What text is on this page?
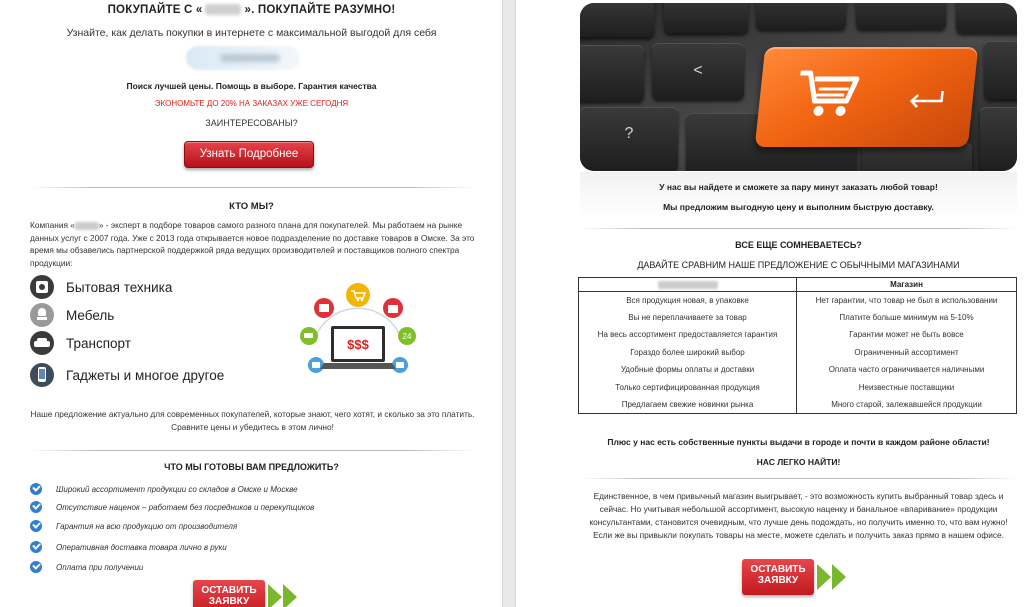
ПОКУПАЙТЕ С «	». ПОКУПАЙТЕ РАЗУМНО!
Узнайте, как делать покупки в интернете с максимальной выгодой для себя
Поиск лучшей цены. Помощь в выборе. Гарантия качества
ЭКОНОМЬТЕ ДО 20% НА ЗАКАЗАХ УЖЕ СЕГОДНЯ
ЗАИНТЕРЕСОВАНЫ?
Узнать Подробнее
КТО МЫ?
Компания «	» - эксперт в подборе товаров самого разного плана для покупателей. Мы работаем на рынке данных услуг с 2007 года. Уже с 2013 года открывается новое подразделение по доставке товаров в Омске. За это время мы обзавелись партнерской поддержкой ряда ведущих производителей и поставщиков полного спектра продукции:
Бытовая техника
Мебель
Транспорт
Гаджеты и многое другое
24
$$$
Наше предложение актуально для современных покупателей, которые знают, чего хотят, и сколько за это платить. Сравните цены и убедитесь в этом лично!
ЧТО МЫ ГОТОВЫ ВАМ ПРЕДЛОЖИТЬ?
Широкий ассортимент продукции со складов в Омске и Москве
Отсутствие наценок – работаем без посредников и перекупщиков
Гарантия на всю продукцию от производителя
Оперативная доставка товара лично в руки
Оплата при получении
ОСТАВИТЬ
ЗАЯВКУ
<
?
У нас вы найдете и сможете за пару минут заказать любой товар!
Мы предложим выгодную цену и выполним быструю доставку.
ВСЕ ЕЩЕ СОМНЕВАЕТЕСЬ?
ДАВАЙТЕ СРАВНИМ НАШЕ ПРЕДЛОЖЕНИЕ С ОБЫЧНЫМИ МАГАЗИНАМИ
	Магазин
Вся продукция новая, в упаковке	Нет гарантии, что товар не был в использовании
Вы не переплачиваете за товар	Платите больше минимум на 5-10%
На весь ассортимент предоставляется гарантия	Гарантии может не быть вовсе
Гораздо более широкий выбор	Ограниченный ассортимент
Удобные формы оплаты и доставки	Оплата часто ограничивается наличными
Только сертифицированная продукция	Неизвестные поставщики
Предлагаем свежие новинки рынка	Много старой, залежавшейся продукции
Плюс у нас есть собственные пункты выдачи в городе и почти в каждом районе области!
НАС ЛЕГКО НАЙТИ!
Единственное, в чем привычный магазин выигрывает, - это возможность купить выбранный товар здесь и сейчас. Но учитывая небольшой ассортимент, высокую наценку и банальное «впаривание» продукции консультантами, становится очевидным, что лучше день подождать, но получить именно то, что вам нужно! Если же вы привыкли покупать товары на месте, можете сделать и получить заказ прямо в нашем офисе.
ОСТАВИТЬ
ЗАЯВКУ
